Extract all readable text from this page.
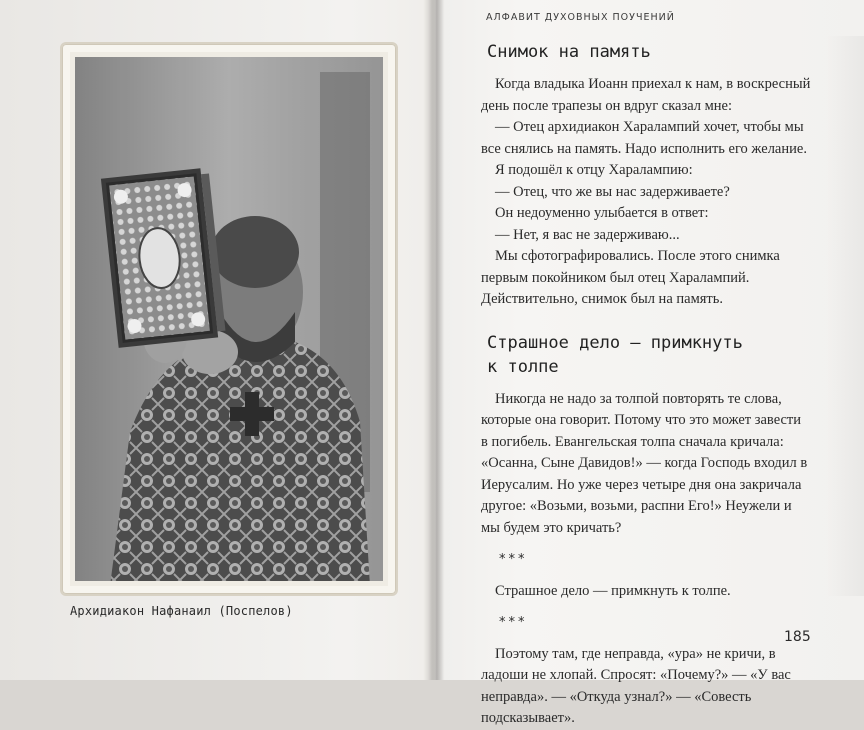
Архидиакон Нафанаил (Поспелов)
АЛФАВИТ ДУХОВНЫХ ПОУЧЕНИЙ
Снимок на память

Когда владыка Иоанн приехал к нам, в воскресный день после трапезы он вдруг сказал мне:

— Отец архидиакон Харалампий хочет, чтобы мы все снялись на память. Надо исполнить его желание.

Я подошёл к отцу Харалампию:

— Отец, что же вы нас задерживаете?

Он недоуменно улыбается в ответ:

— Нет, я вас не задерживаю...

Мы сфотографировались. После этого снимка первым покойником был отец Харалампий. Действительно, снимок был на память.

Страшное дело – примкнуть
к толпе

Никогда не надо за толпой повторять те слова, которые она говорит. Потому что это может завести в погибель. Евангельская толпа сначала кричала: «Осанна, Сыне Давидов!» — когда Господь входил в Иерусалим. Но уже через четыре дня она закричала другое: «Возьми, возьми, распни Его!» Неужели и мы будем это кричать?

***

Страшное дело — примкнуть к толпе.

***

Поэтому там, где неправда, «ура» не кричи, в ладоши не хлопай. Спросят: «Почему?» — «У вас неправда». — «Откуда узнал?» — «Совесть подсказывает».

185
